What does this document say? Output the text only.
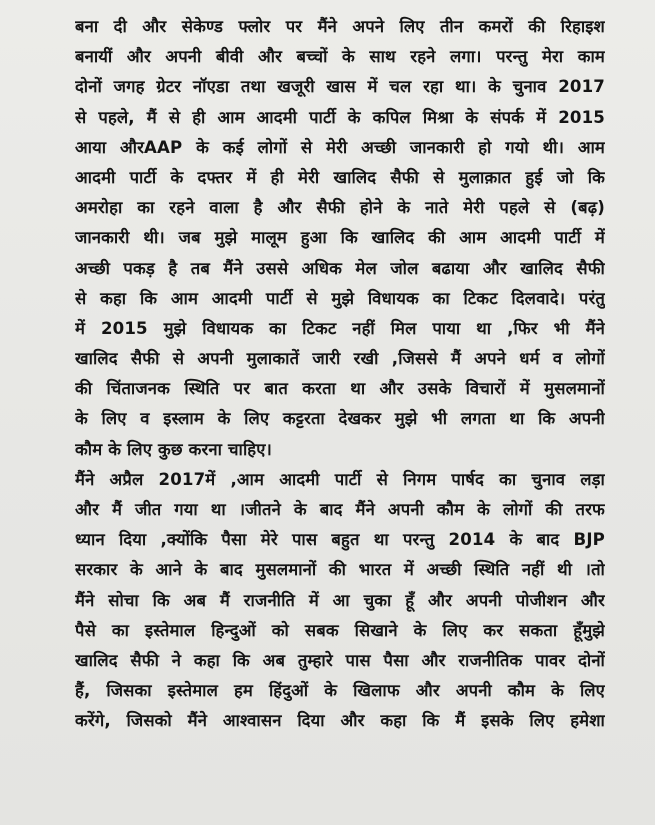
बना दी और सेकेण्ड फ्लोर पर मैंने अपने लिए तीन कमरों की रिहाइश
बनायीं और अपनी बीवी और बच्चों के साथ रहने लगा। परन्तु मेरा काम
दोनों जगह ग्रेटर नॉएडा तथा खजूरी खास में चल रहा था। के चुनाव 2017
से पहले, मैं से ही आम आदमी पार्टी के कपिल मिश्रा के संपर्क में 2015
आया औरAAP के कई लोगों से मेरी अच्छी जानकारी हो गयो थी। आम
आदमी पार्टी के दफ्तर में ही मेरी खालिद सैफी से मुलाक़ात हुई जो कि
अमरोहा का रहने वाला है और सैफी होने के नाते मेरी पहले से (बढ़)
जानकारी थी। जब मुझे मालूम हुआ कि खालिद की आम आदमी पार्टी में
अच्छी पकड़ है तब मैंने उससे अधिक मेल जोल बढाया और खालिद सैफी
से कहा कि आम आदमी पार्टी से मुझे विधायक का टिकट दिलवादे। परंतु
में 2015 मुझे विधायक का टिकट नहीं मिल पाया था ,फिर भी मैंने
खालिद सैफी से अपनी मुलाकातें जारी रखी ,जिससे मैं अपने धर्म व लोगों
की चिंताजनक स्थिति पर बात करता था और उसके विचारों में मुसलमानों
के लिए व इस्लाम के लिए कट्टरता देखकर मुझे भी लगता था कि अपनी
कौम के लिए कुछ करना चाहिए।
मैंने अप्रैल 2017में ,आम आदमी पार्टी से निगम पार्षद का चुनाव लड़ा
और मैं जीत गया था ।जीतने के बाद मैंने अपनी कौम के लोगों की तरफ
ध्यान दिया ,क्योंकि पैसा मेरे पास बहुत था परन्तु 2014 के बाद BJP
सरकार के आने के बाद मुसलमानों की भारत में अच्छी स्थिति नहीं थी ।तो
मैंने सोचा कि अब मैं राजनीति में आ चुका हूँ और अपनी पोजीशन और
पैसे का इस्तेमाल हिन्दुओं को सबक सिखाने के लिए कर सकता हूँमुझे
खालिद सैफी ने कहा कि अब तुम्हारे पास पैसा और राजनीतिक पावर दोनों
हैं, जिसका इस्तेमाल हम हिंदुओं के खिलाफ और अपनी कौम के लिए
करेंगे, जिसको मैंने आश्वासन दिया और कहा कि मैं इसके लिए हमेशा
